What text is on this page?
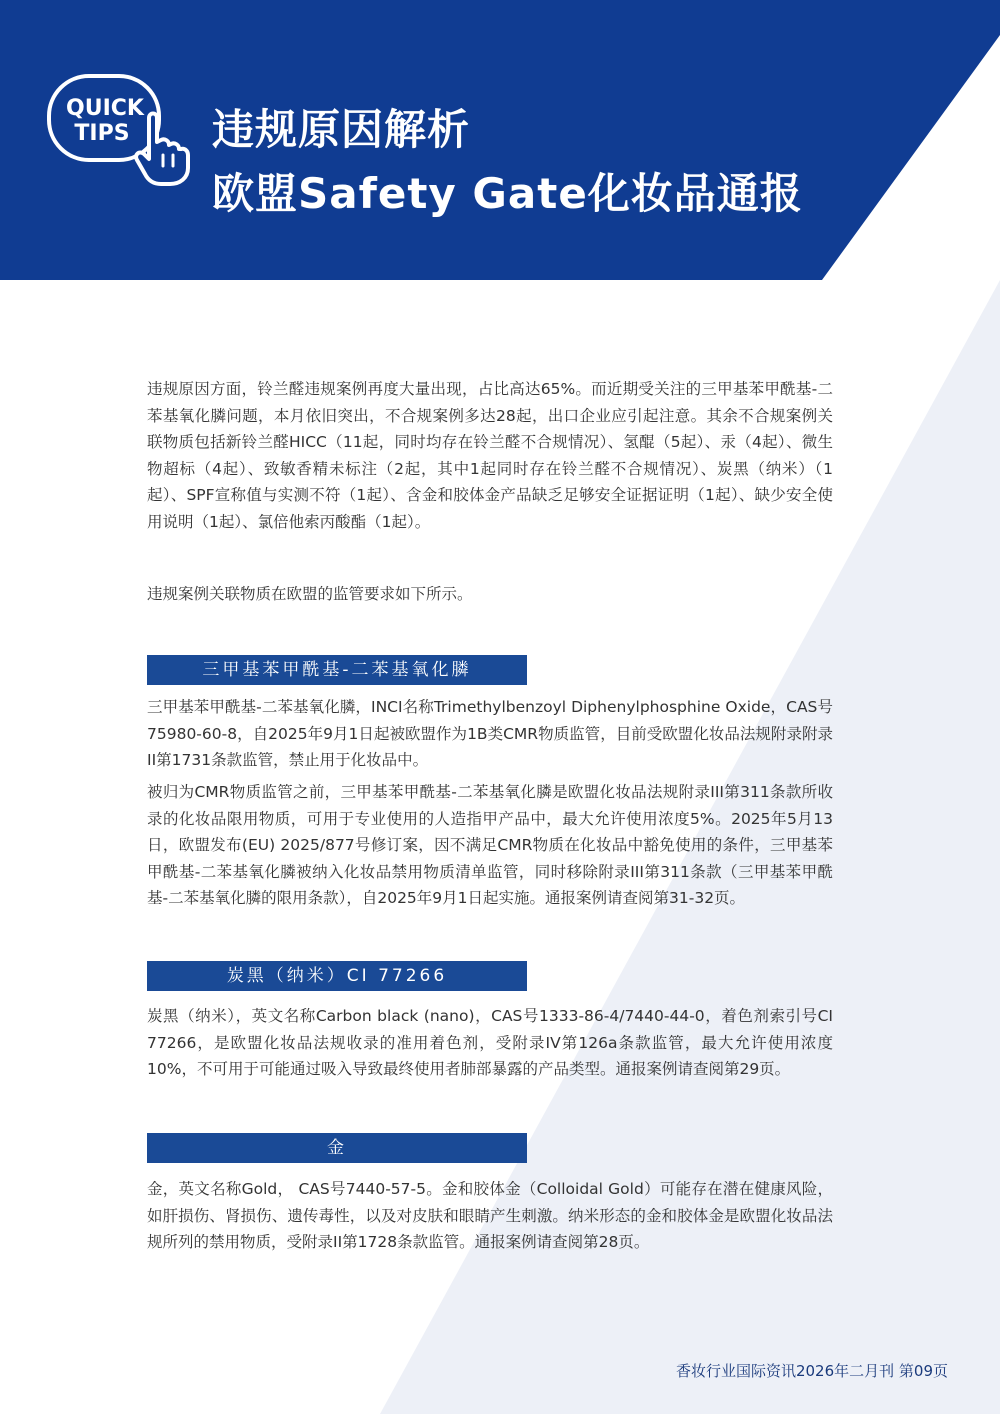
QUICK
TIPS 违规原因解析
欧盟Safety Gate化妆品通报

违规原因方面，铃兰醛违规案例再度大量出现，占比高达65%。而近期受关注的三甲基苯甲酰基-二苯基氧化膦问题，本月依旧突出，不合规案例多达28起，出口企业应引起注意。其余不合规案例关联物质包括新铃兰醛HICC（11起，同时均存在铃兰醛不合规情况）、氢醌（5起）、汞（4起）、微生物超标（4起）、致敏香精未标注（2起，其中1起同时存在铃兰醛不合规情况）、炭黑（纳米）（1起）、SPF宣称值与实测不符（1起）、含金和胶体金产品缺乏足够安全证据证明（1起）、缺少安全使用说明（1起）、氯倍他索丙酸酯（1起）。

违规案例关联物质在欧盟的监管要求如下所示。

三甲基苯甲酰基-二苯基氧化膦

三甲基苯甲酰基-二苯基氧化膦，INCI名称Trimethylbenzoyl Diphenylphosphine Oxide，CAS号75980-60-8，自2025年9月1日起被欧盟作为1B类CMR物质监管，目前受欧盟化妆品法规附录附录II第1731条款监管，禁止用于化妆品中。

被归为CMR物质监管之前，三甲基苯甲酰基-二苯基氧化膦是欧盟化妆品法规附录III第311条款所收录的化妆品限用物质，可用于专业使用的人造指甲产品中，最大允许使用浓度5%。2025年5月13日，欧盟发布(EU) 2025/877号修订案，因不满足CMR物质在化妆品中豁免使用的条件，三甲基苯甲酰基-二苯基氧化膦被纳入化妆品禁用物质清单监管，同时移除附录III第311条款（三甲基苯甲酰基-二苯基氧化膦的限用条款），自2025年9月1日起实施。通报案例请查阅第31-32页。

炭黑（纳米）CI 77266

炭黑（纳米），英文名称Carbon black (nano)，CAS号1333-86-4/7440-44-0，着色剂索引号CI 77266，是欧盟化妆品法规收录的准用着色剂，受附录IV第126a条款监管，最大允许使用浓度10%，不可用于可能通过吸入导致最终使用者肺部暴露的产品类型。通报案例请查阅第29页。

金

金，英文名称Gold， CAS号7440-57-5。金和胶体金（Colloidal Gold）可能存在潜在健康风险，如肝损伤、肾损伤、遗传毒性，以及对皮肤和眼睛产生刺激。纳米形态的金和胶体金是欧盟化妆品法规所列的禁用物质，受附录II第1728条款监管。通报案例请查阅第28页。

香妆行业国际资讯2026年二月刊 第09页
